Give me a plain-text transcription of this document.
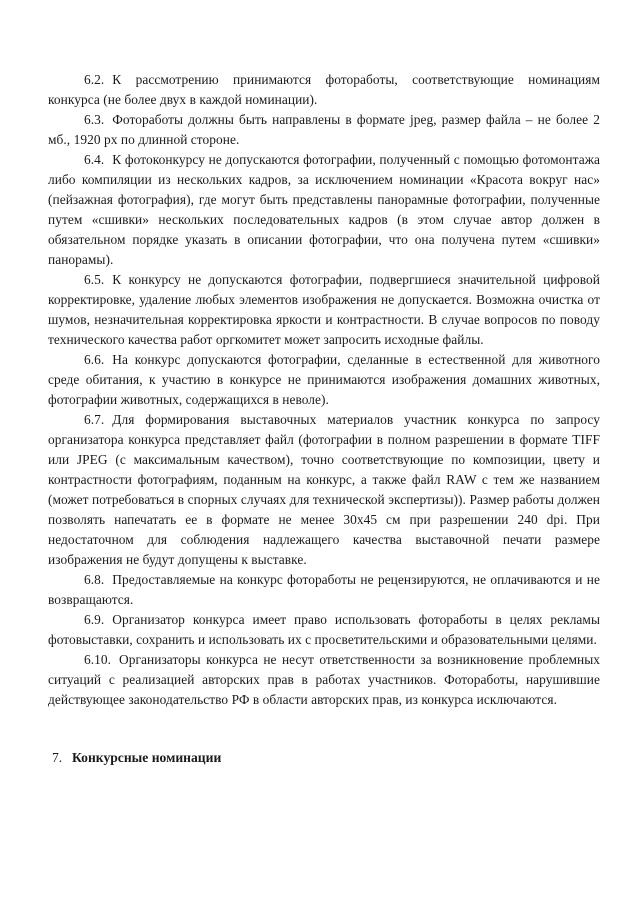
6.2. К рассмотрению принимаются фотоработы, соответствующие номинациям конкурса (не более двух в каждой номинации).

6.3. Фотоработы должны быть направлены в формате jpeg, размер файла – не более 2 мб., 1920 px по длинной стороне.

6.4. К фотоконкурсу не допускаются фотографии, полученный с помощью фотомонтажа либо компиляции из нескольких кадров, за исключением номинации «Красота вокруг нас» (пейзажная фотография), где могут быть представлены панорамные фотографии, полученные путем «сшивки» нескольких последовательных кадров (в этом случае автор должен в обязательном порядке указать в описании фотографии, что она получена путем «сшивки» панорамы).

6.5. К конкурсу не допускаются фотографии, подвергшиеся значительной цифровой корректировке, удаление любых элементов изображения не допускается. Возможна очистка от шумов, незначительная корректировка яркости и контрастности. В случае вопросов по поводу технического качества работ оргкомитет может запросить исходные файлы.

6.6. На конкурс допускаются фотографии, сделанные в естественной для животного среде обитания, к участию в конкурсе не принимаются изображения домашних животных, фотографии животных, содержащихся в неволе).

6.7. Для формирования выставочных материалов участник конкурса по запросу организатора конкурса представляет файл (фотографии в полном разрешении в формате TIFF или JPEG (с максимальным качеством), точно соответствующие по композиции, цвету и контрастности фотографиям, поданным на конкурс, а также файл RAW с тем же названием (может потребоваться в спорных случаях для технической экспертизы)). Размер работы должен позволять напечатать ее в формате не менее 30х45 см при разрешении 240 dpi. При недостаточном для соблюдения надлежащего качества выставочной печати размере изображения не будут допущены к выставке.

6.8. Предоставляемые на конкурс фотоработы не рецензируются, не оплачиваются и не возвращаются.

6.9. Организатор конкурса имеет право использовать фотоработы в целях рекламы фотовыставки, сохранить и использовать их с просветительскими и образовательными целями.

6.10. Организаторы конкурса не несут ответственности за возникновение проблемных ситуаций с реализацией авторских прав в работах участников. Фотоработы, нарушившие действующее законодательство РФ в области авторских прав, из конкурса исключаются.

7. Конкурсные номинации
